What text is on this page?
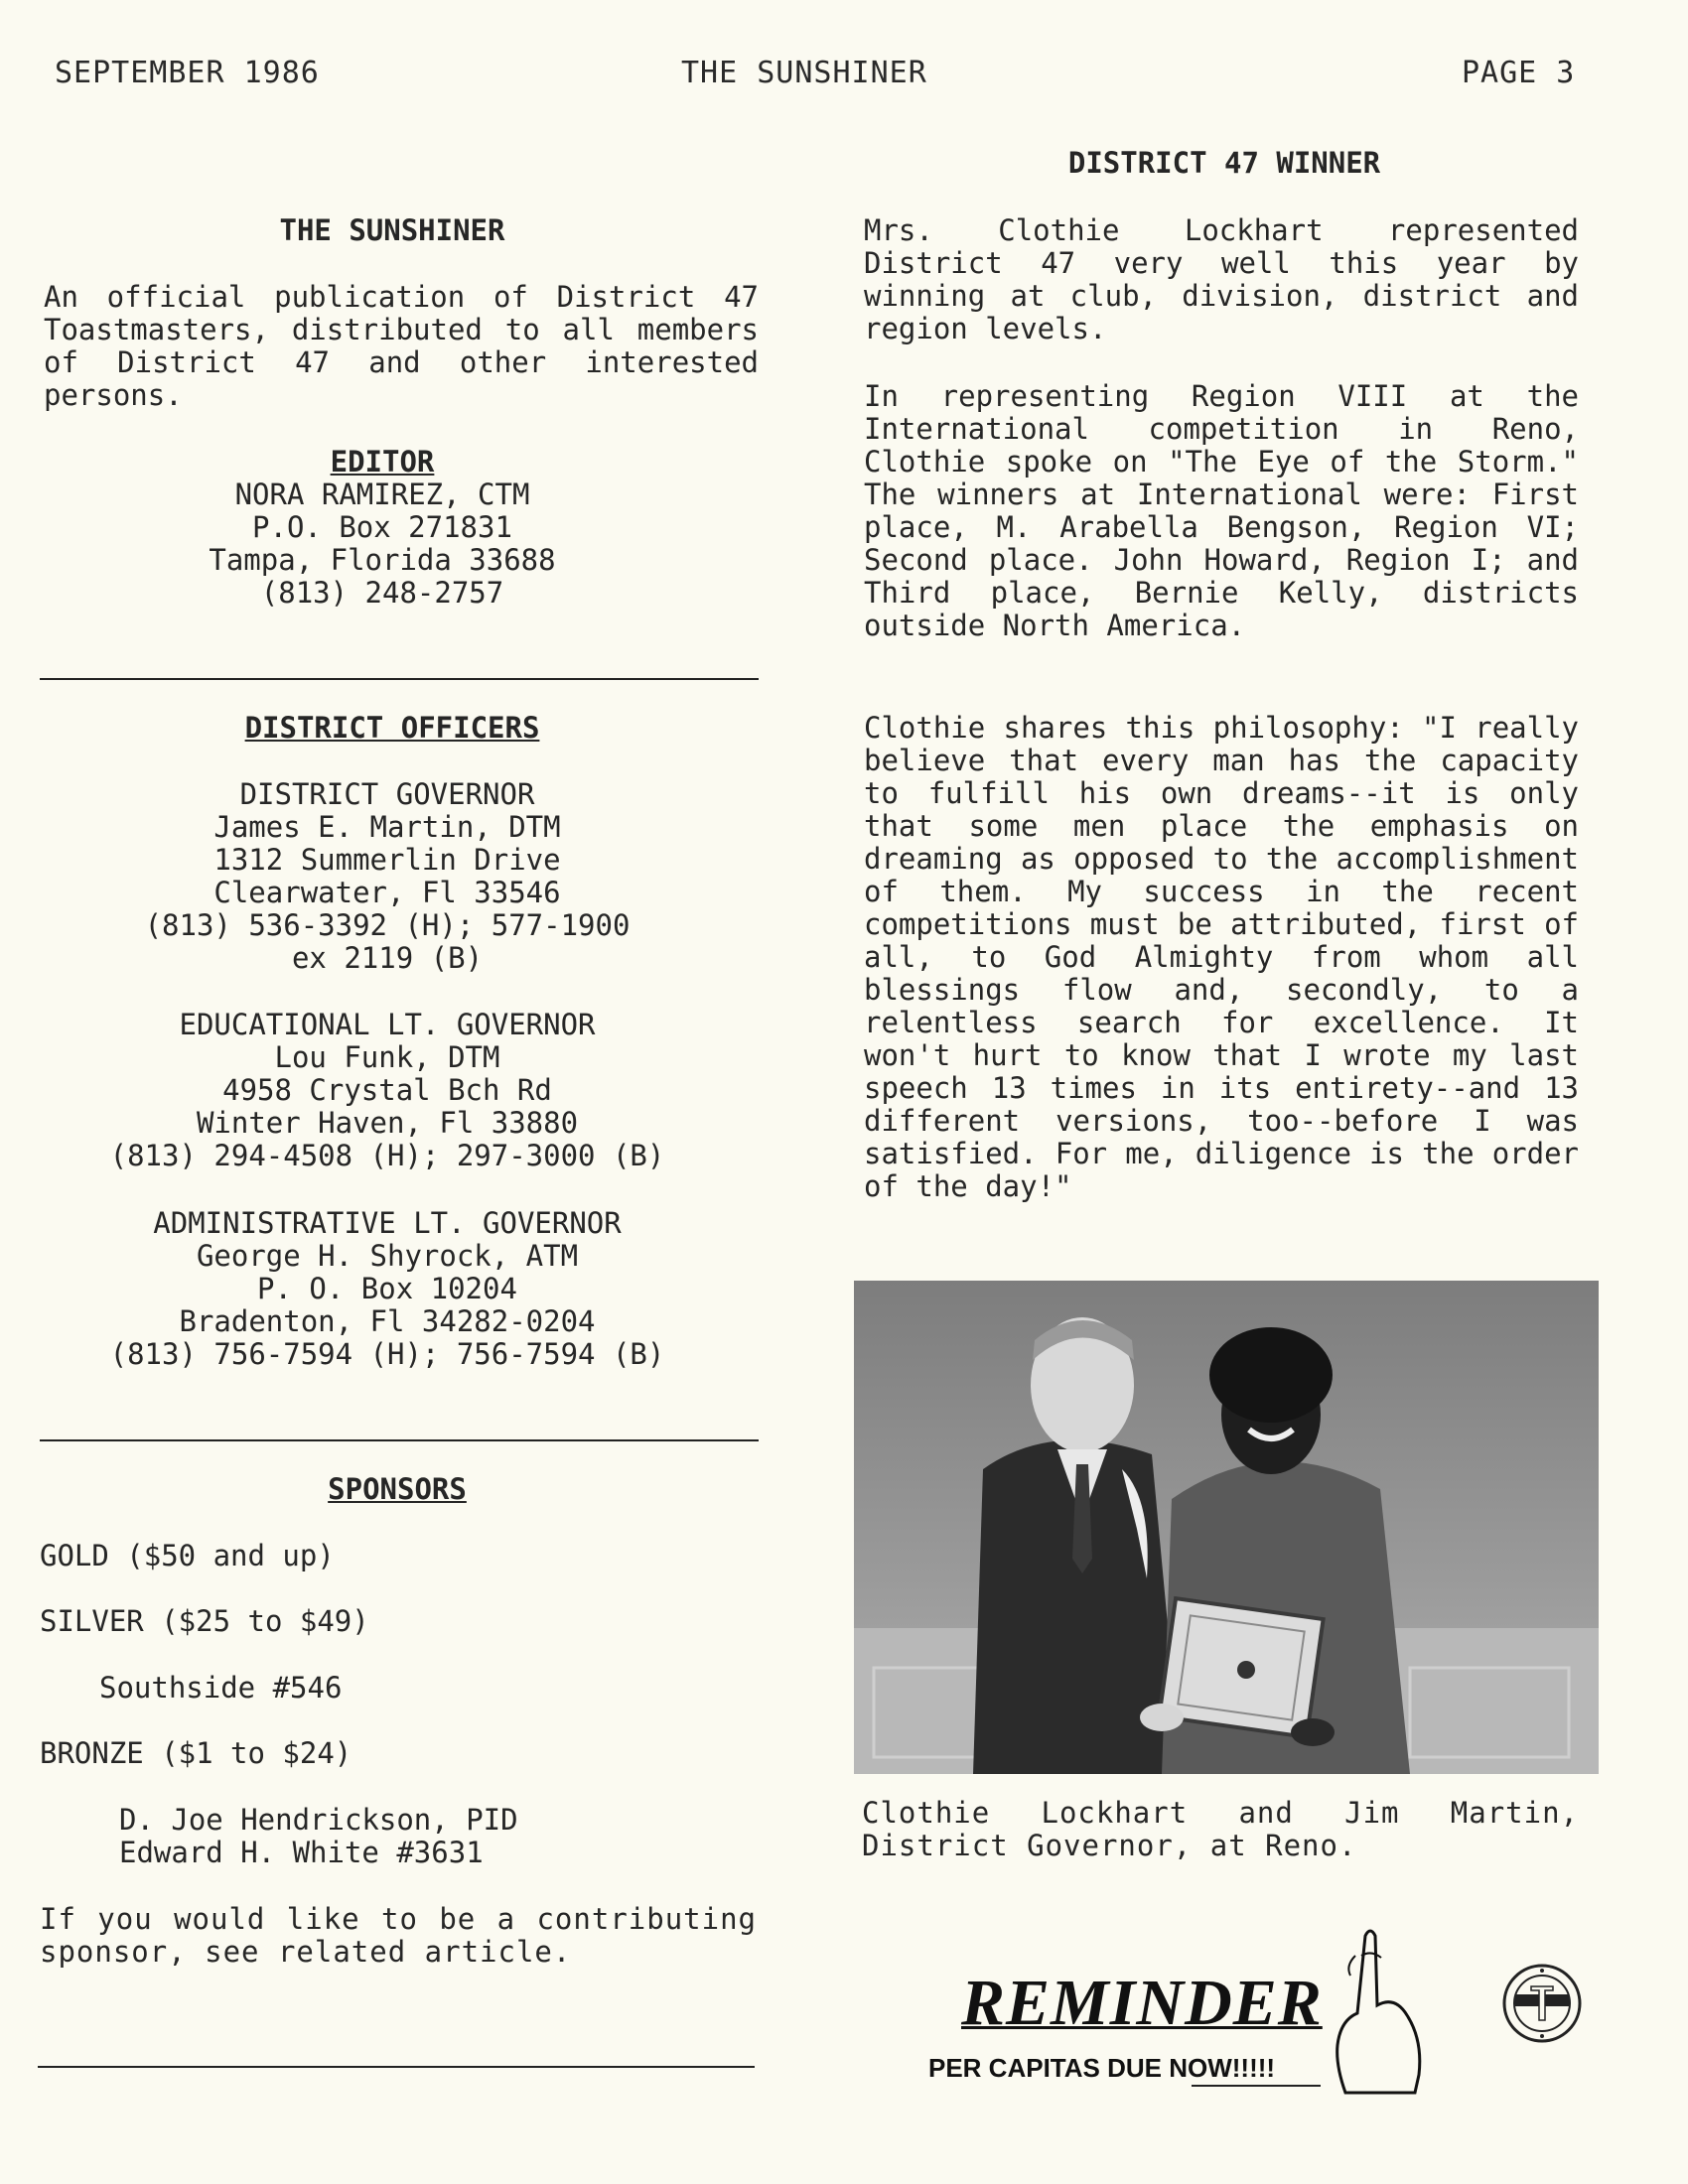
SEPTEMBER 1986	THE SUNSHINER	PAGE 3
THE SUNSHINER
An official publication of District 47 Toastmasters, distributed to all members of District 47 and other interested persons.
EDITOR
NORA RAMIREZ, CTM
P.O. Box 271831
Tampa, Florida 33688
(813) 248-2757
DISTRICT OFFICERS
DISTRICT GOVERNOR
James E. Martin, DTM
1312 Summerlin Drive
Clearwater, Fl 33546
(813) 536-3392 (H); 577-1900
ex 2119 (B)
EDUCATIONAL LT. GOVERNOR
Lou Funk, DTM
4958 Crystal Bch Rd
Winter Haven, Fl 33880
(813) 294-4508 (H); 297-3000 (B)
ADMINISTRATIVE LT. GOVERNOR
George H. Shyrock, ATM
P. O. Box 10204
Bradenton, Fl 34282-0204
(813) 756-7594 (H); 756-7594 (B)
SPONSORS
GOLD ($50 and up)
SILVER ($25 to $49)
Southside #546
BRONZE ($1 to $24)
D. Joe Hendrickson, PID
Edward H. White #3631
If you would like to be a contributing sponsor, see related article.
DISTRICT 47 WINNER
Mrs. Clothie Lockhart represented District 47 very well this year by winning at club, division, district and region levels.
In representing Region VIII at the International competition in Reno, Clothie spoke on "The Eye of the Storm." The winners at International were: First place, M. Arabella Bengson, Region VI; Second place. John Howard, Region I; and Third place, Bernie Kelly, districts outside North America.
Clothie shares this philosophy: "I really believe that every man has the capacity to fulfill his own dreams--it is only that some men place the emphasis on dreaming as opposed to the accomplishment of them. My success in the recent competitions must be attributed, first of all, to God Almighty from whom all blessings flow and, secondly, to a relentless search for excellence. It won't hurt to know that I wrote my last speech 13 times in its entirety--and 13 different versions, too--before I was satisfied. For me, diligence is the order of the day!"
Clothie Lockhart and Jim Martin, District Governor, at Reno.
REMINDER
PER CAPITAS DUE NOW!!!!!
